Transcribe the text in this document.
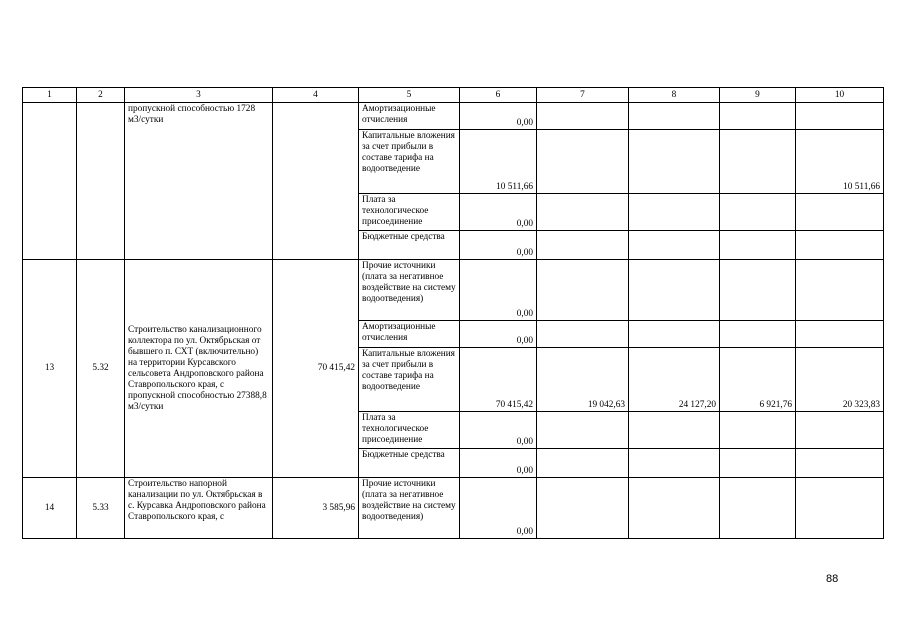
1	2	3	4	5	6	7	8	9	10
		пропускной способностью 1728 м3/сутки		Амортизационные отчисления	0,00				
				Капитальные вложения за счет прибыли в составе тарифа на водоотведение	10 511,66				10 511,66
				Плата за технологическое присоединение	0,00				
				Бюджетные средства	0,00				
13	5.32	Строительство канализационного коллектора по ул. Октябрьская от бывшего п. СХТ (включительно) на территории Курсавского сельсовета Андроповского района Ставропольского края, с пропускной способностью 27388,8 м3/сутки	70 415,42	Прочие источники (плата за негативное воздействие на систему водоотведения)	0,00				
				Амортизационные отчисления	0,00				
				Капитальные вложения за счет прибыли в составе тарифа на водоотведение	70 415,42	19 042,63	24 127,20	6 921,76	20 323,83
				Плата за технологическое присоединение	0,00				
				Бюджетные средства	0,00				
14	5.33	Строительство напорной канализации по ул. Октябрьская в с. Курсавка Андроповского района Ставропольского края, с	3 585,96	Прочие источники (плата за негативное воздействие на систему водоотведения)	0,00				
88
